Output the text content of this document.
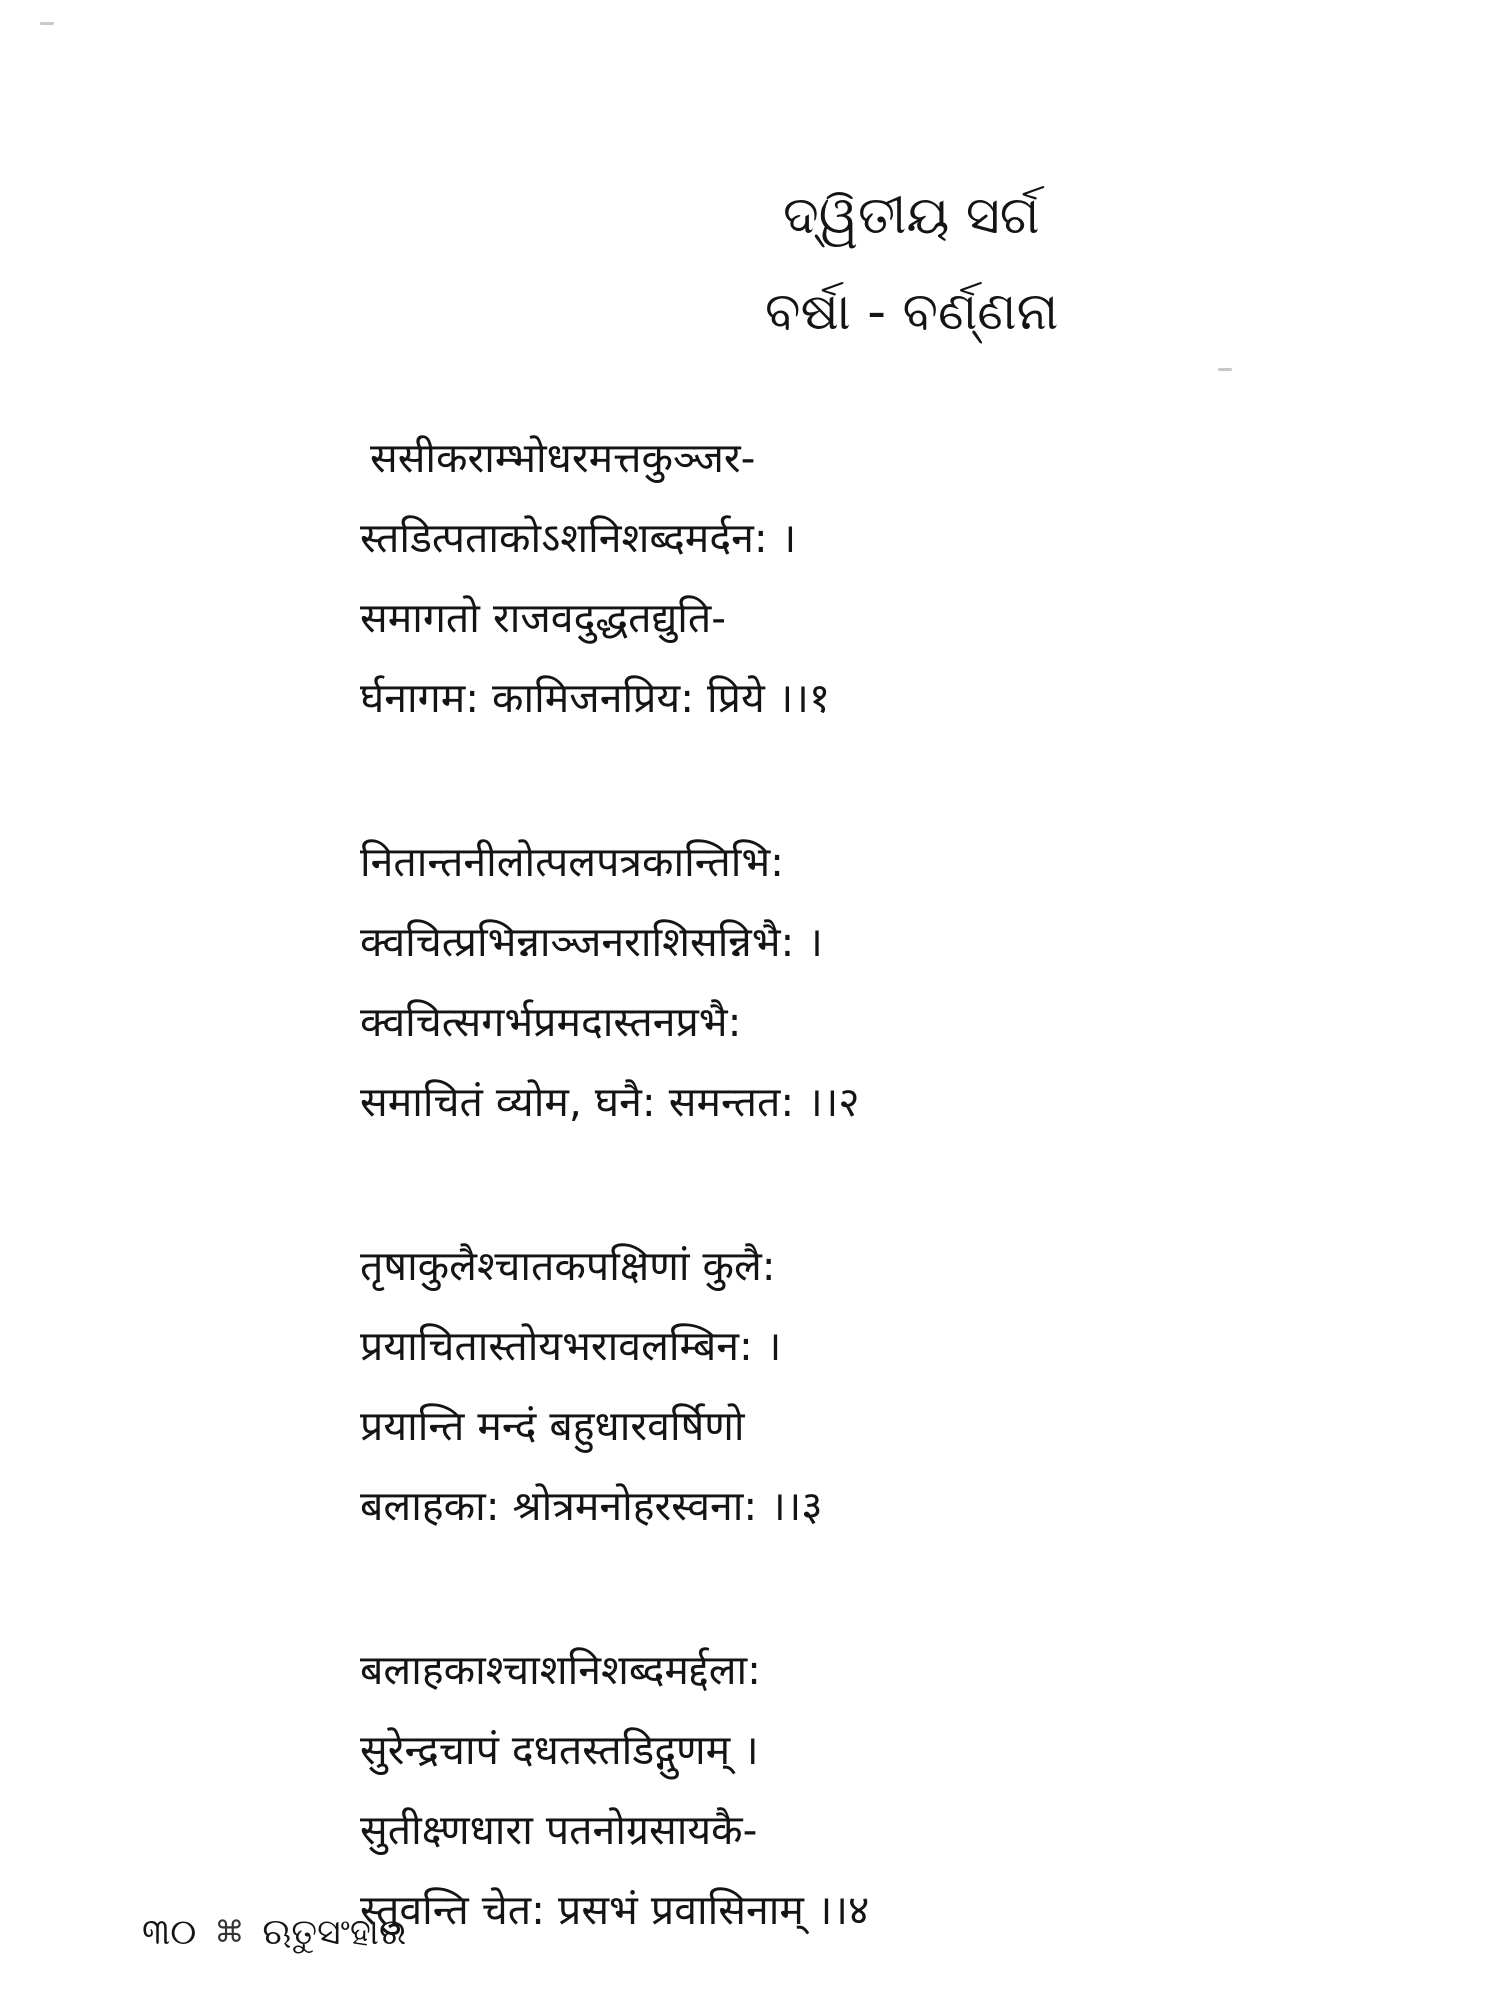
ଦ୍ୱିତୀୟ ସର୍ଗ
ବର୍ଷା - ବର୍ଣ୍ଣନା
ससीकराम्भोधरमत्तकुञ्जर-
स्तडित्पताकोऽशनिशब्दमर्दन: ।
समागतो राजवदुद्धतद्युति-
र्घनागम: कामिजनप्रिय: प्रिये ।।१
नितान्तनीलोत्पलपत्रकान्तिभि:
क्वचित्प्रभिन्नाञ्जनराशिसन्निभै: ।
क्वचित्सगर्भप्रमदास्तनप्रभै:
समाचितं व्योम, घनै: समन्तत: ।।२
तृषाकुलैश्चातकपक्षिणां कुलै:
प्रयाचितास्तोयभरावलम्बिन: ।
प्रयान्ति मन्दं बहुधारवर्षिणो
बलाहका: श्रोत्रमनोहरस्वना: ।।३
बलाहकाश्चाशनिशब्दमर्द्दला:
सुरेन्द्रचापं दधतस्तडिद्गुणम् ।
सुतीक्ष्णधारा पतनोग्रसायकै-
स्तुवन्ति चेत: प्रसभं प्रवासिनाम् ।।४
୩୦ ⌘ ଋତୁସଂହାର
